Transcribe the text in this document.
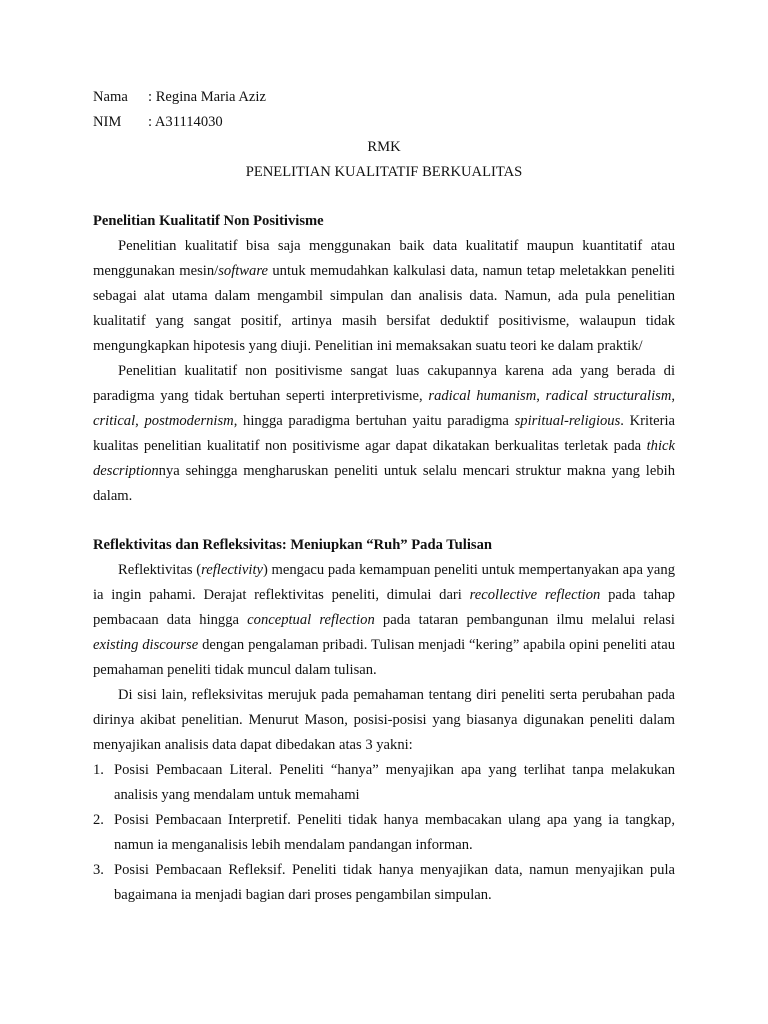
Nama	: Regina Maria Aziz
NIM	: A31114030
RMK
PENELITIAN KUALITATIF BERKUALITAS
Penelitian Kualitatif Non Positivisme

Penelitian kualitatif bisa saja menggunakan baik data kualitatif maupun kuantitatif atau menggunakan mesin/software untuk memudahkan kalkulasi data, namun tetap meletakkan peneliti sebagai alat utama dalam mengambil simpulan dan analisis data. Namun, ada pula penelitian kualitatif yang sangat positif, artinya masih bersifat deduktif positivisme, walaupun tidak mengungkapkan hipotesis yang diuji. Penelitian ini memaksakan suatu teori ke dalam praktik/

Penelitian kualitatif non positivisme sangat luas cakupannya karena ada yang berada di paradigma yang tidak bertuhan seperti interpretivisme, radical humanism, radical structuralism, critical, postmodernism, hingga paradigma bertuhan yaitu paradigma spiritual-religious. Kriteria kualitas penelitian kualitatif non positivisme agar dapat dikatakan berkualitas terletak pada thick descriptionnya sehingga mengharuskan peneliti untuk selalu mencari struktur makna yang lebih dalam.

Reflektivitas dan Refleksivitas: Meniupkan “Ruh” Pada Tulisan

Reflektivitas (reflectivity) mengacu pada kemampuan peneliti untuk mempertanyakan apa yang ia ingin pahami. Derajat reflektivitas peneliti, dimulai dari recollective reflection pada tahap pembacaan data hingga conceptual reflection pada tataran pembangunan ilmu melalui relasi existing discourse dengan pengalaman pribadi. Tulisan menjadi “kering” apabila opini peneliti atau pemahaman peneliti tidak muncul dalam tulisan.

Di sisi lain, refleksivitas merujuk pada pemahaman tentang diri peneliti serta perubahan pada dirinya akibat penelitian. Menurut Mason, posisi-posisi yang biasanya digunakan peneliti dalam menyajikan analisis data dapat dibedakan atas 3 yakni:

1. Posisi Pembacaan Literal. Peneliti “hanya” menyajikan apa yang terlihat tanpa melakukan analisis yang mendalam untuk memahami
2. Posisi Pembacaan Interpretif. Peneliti tidak hanya membacakan ulang apa yang ia tangkap, namun ia menganalisis lebih mendalam pandangan informan.
3. Posisi Pembacaan Refleksif. Peneliti tidak hanya menyajikan data, namun menyajikan pula bagaimana ia menjadi bagian dari proses pengambilan simpulan.
